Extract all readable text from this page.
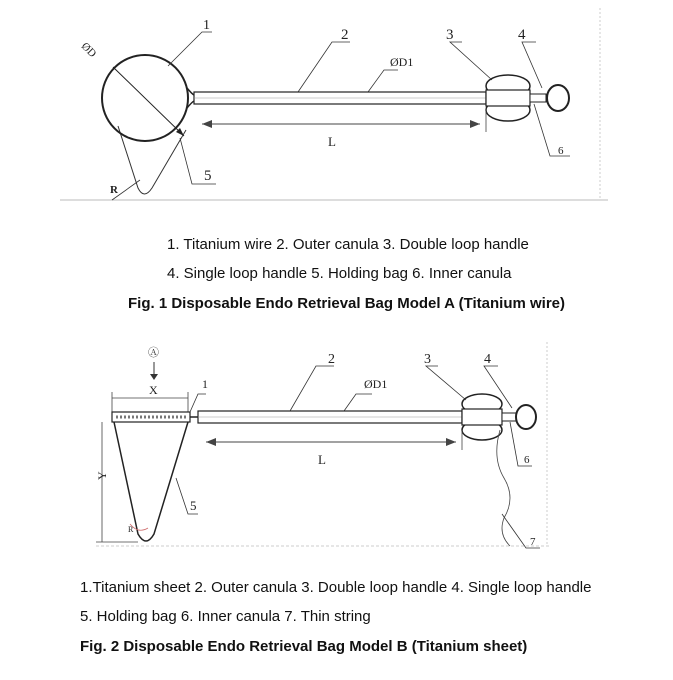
1
2	3	4
5
6
ØD1
L
R
ØD
1. Titanium wire 2. Outer canula 3. Double loop handle
4. Single loop handle 5. Holding bag 6. Inner canula
Fig. 1 Disposable Endo Retrieval Bag Model A (Titanium wire)
Ⓐ
X
R
Y
1
2	3	4
5
6
7
ØD1
L
1.Titanium sheet 2. Outer canula 3. Double loop handle 4. Single loop handle
5. Holding bag 6. Inner canula 7. Thin string
Fig. 2 Disposable Endo Retrieval Bag Model B (Titanium sheet)
